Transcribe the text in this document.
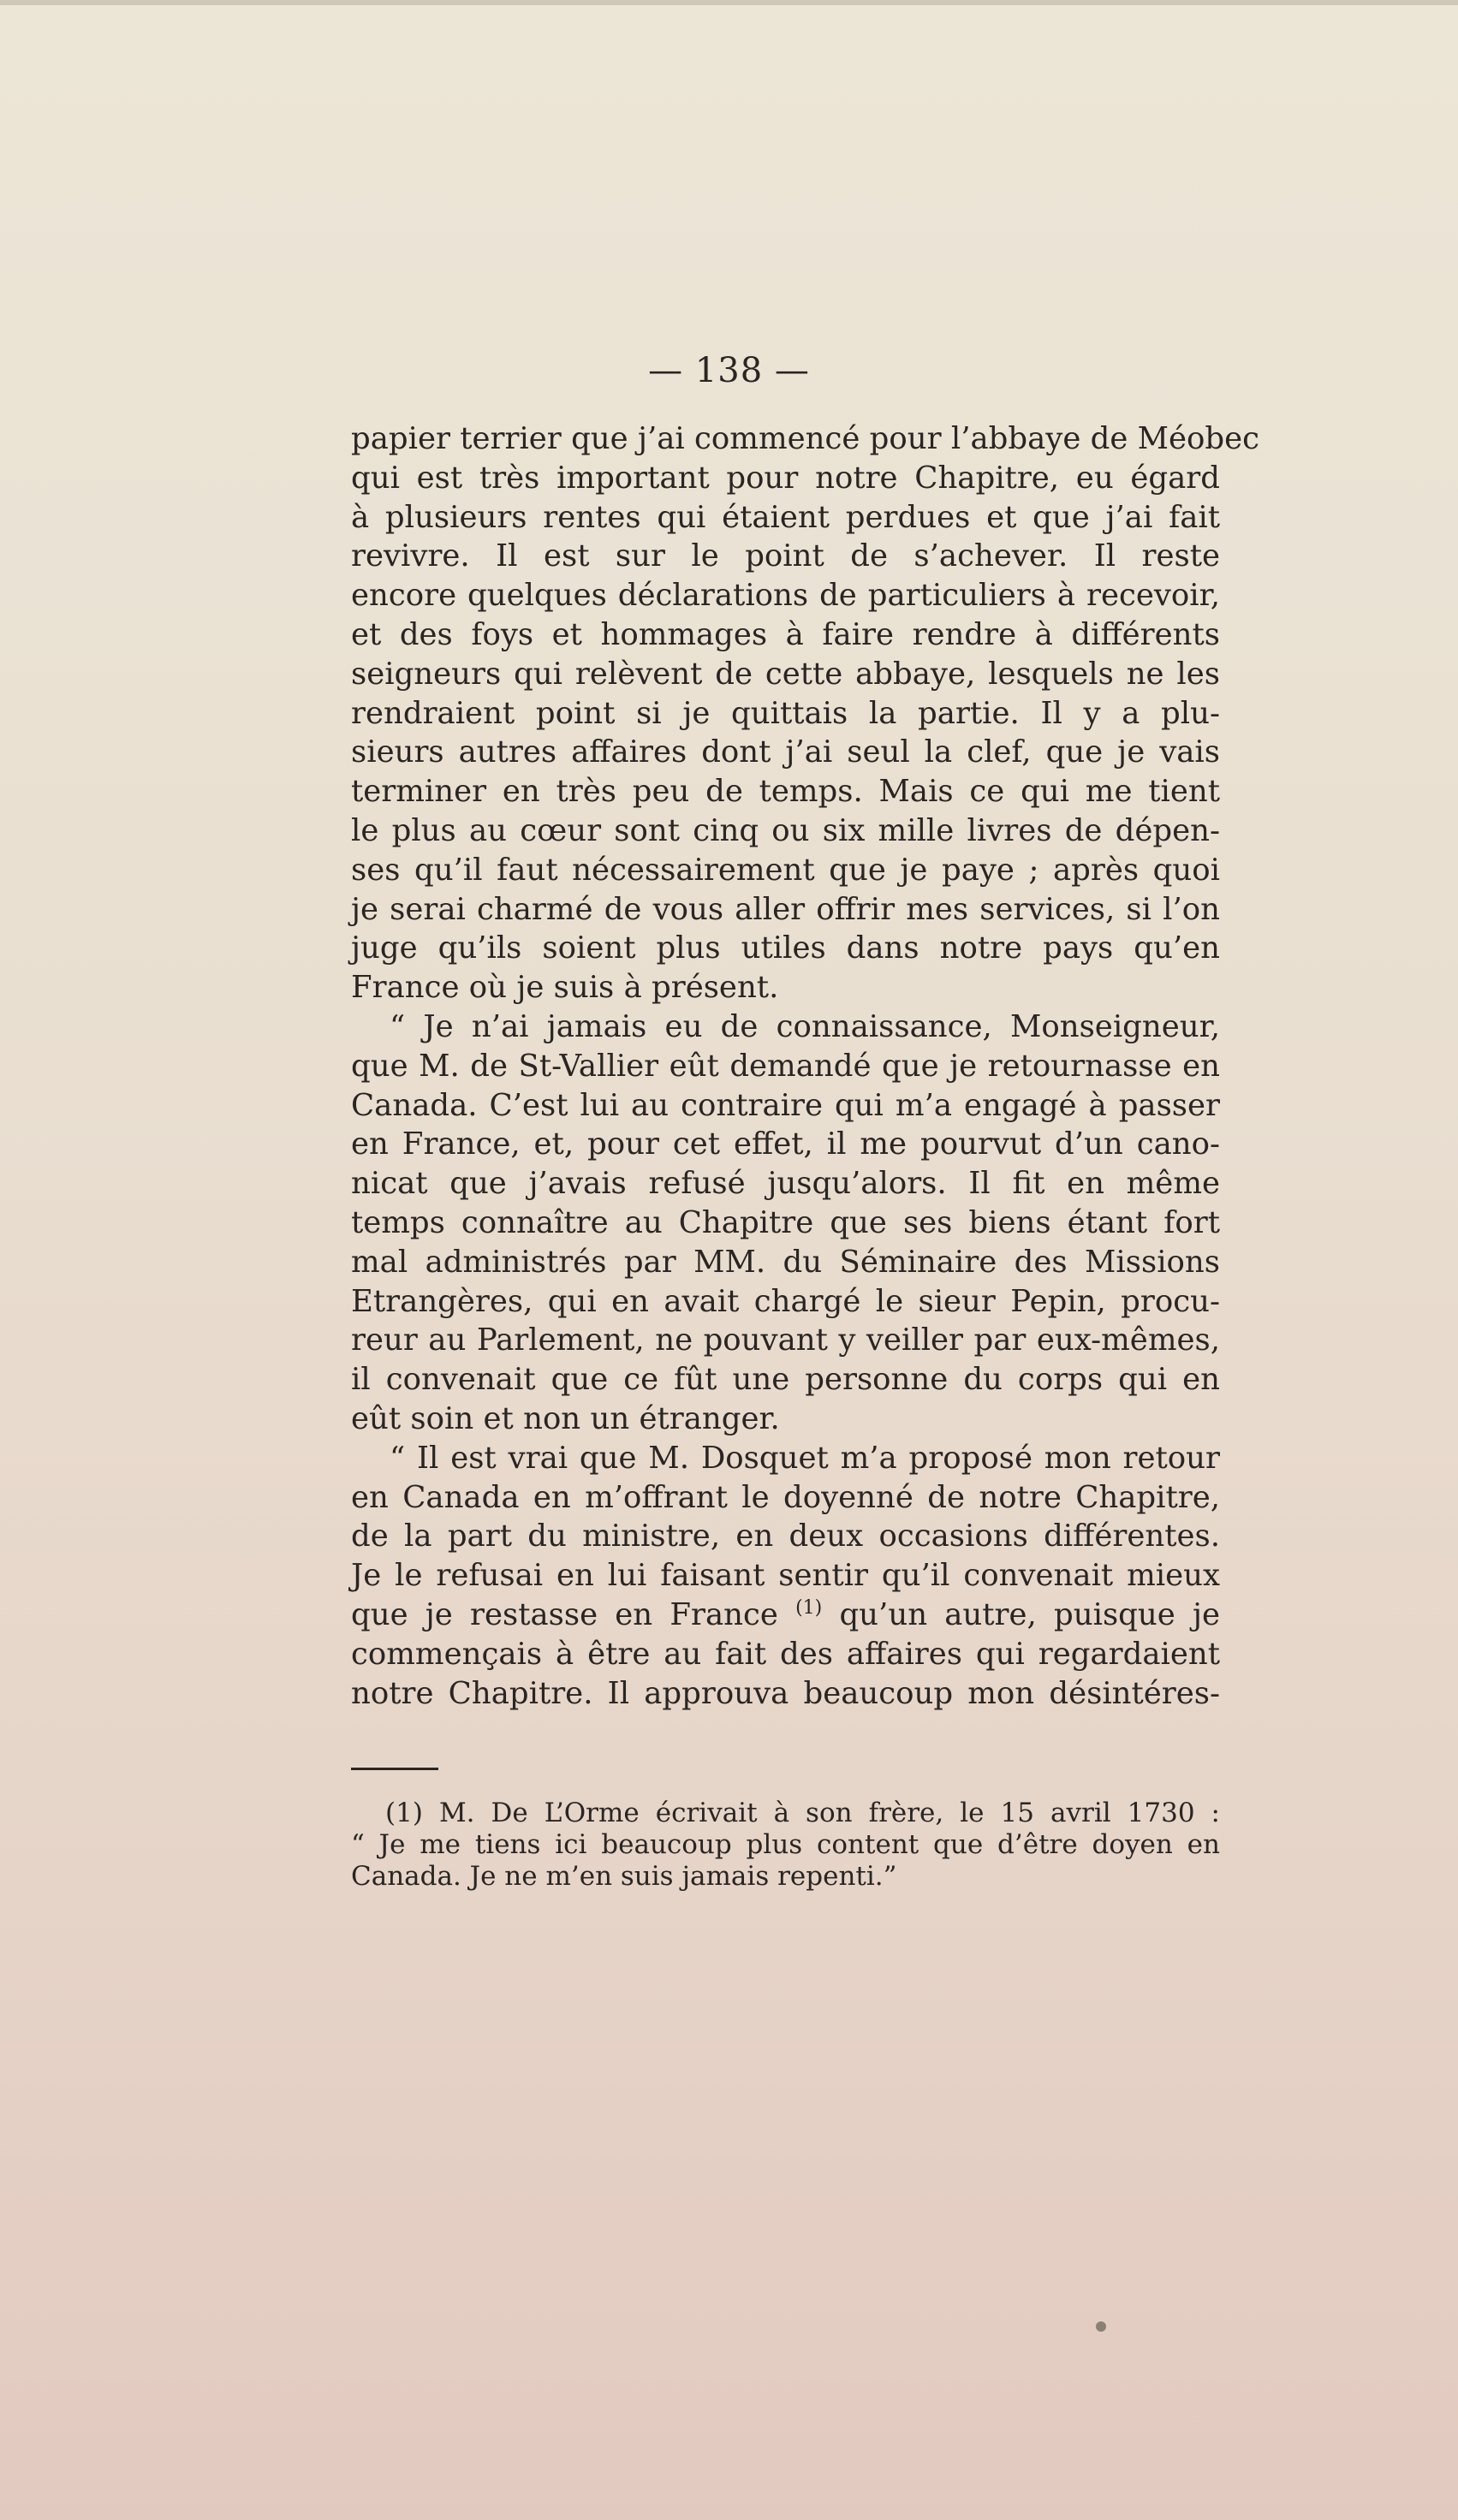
— 138 —
papier terrier que j’ai commencé pour l’abbaye de Méobec
qui est très important pour notre Chapitre, eu égard
à plusieurs rentes qui étaient perdues et que j’ai fait
revivre. Il est sur le point de s’achever. Il reste
encore quelques déclarations de particuliers à recevoir,
et des foys et hommages à faire rendre à différents
seigneurs qui relèvent de cette abbaye, lesquels ne les
rendraient point si je quittais la partie. Il y a plu-
sieurs autres affaires dont j’ai seul la clef, que je vais
terminer en très peu de temps. Mais ce qui me tient
le plus au cœur sont cinq ou six mille livres de dépen-
ses qu’il faut nécessairement que je paye ; après quoi
je serai charmé de vous aller offrir mes services, si l’on
juge qu’ils soient plus utiles dans notre pays qu’en
France où je suis à présent.
“ Je n’ai jamais eu de connaissance, Monseigneur,
que M. de St-Vallier eût demandé que je retournasse en
Canada. C’est lui au contraire qui m’a engagé à passer
en France, et, pour cet effet, il me pourvut d’un cano-
nicat que j’avais refusé jusqu’alors. Il fit en même
temps connaître au Chapitre que ses biens étant fort
mal administrés par MM. du Séminaire des Missions
Etrangères, qui en avait chargé le sieur Pepin, procu-
reur au Parlement, ne pouvant y veiller par eux-mêmes,
il convenait que ce fût une personne du corps qui en
eût soin et non un étranger.
“ Il est vrai que M. Dosquet m’a proposé mon retour
en Canada en m’offrant le doyenné de notre Chapitre,
de la part du ministre, en deux occasions différentes.
Je le refusai en lui faisant sentir qu’il convenait mieux
que je restasse en France $^{(1)}$ qu’un autre, puisque je
commençais à être au fait des affaires qui regardaient
notre Chapitre. Il approuva beaucoup mon désintéres-
(1) M. De L’Orme écrivait à son frère, le 15 avril 1730 :
“ Je me tiens ici beaucoup plus content que d’être doyen en
Canada. Je ne m’en suis jamais repenti.”
